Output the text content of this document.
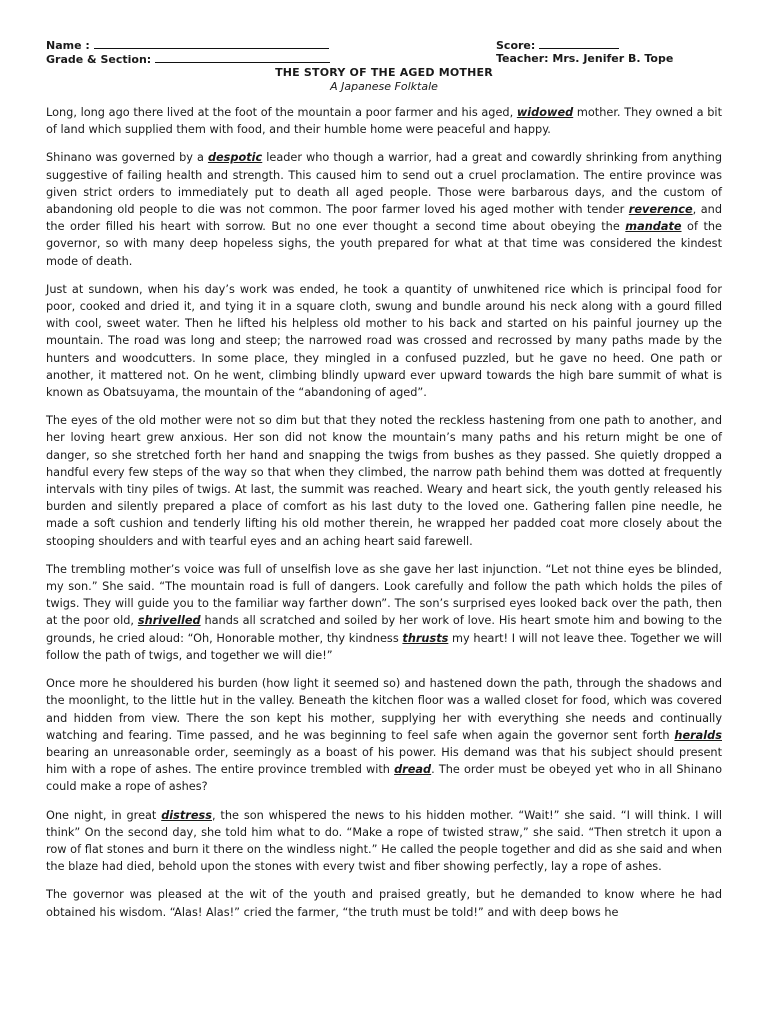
Name :	Score:
Grade & Section:	Teacher: Mrs. Jenifer B. Tope
THE STORY OF THE AGED MOTHER
A Japanese Folktale

Long, long ago there lived at the foot of the mountain a poor farmer and his aged, widowed mother. They owned a bit of land which supplied them with food, and their humble home were peaceful and happy.

Shinano was governed by a despotic leader who though a warrior, had a great and cowardly shrinking from anything suggestive of failing health and strength. This caused him to send out a cruel proclamation. The entire province was given strict orders to immediately put to death all aged people. Those were barbarous days, and the custom of abandoning old people to die was not common. The poor farmer loved his aged mother with tender reverence, and the order filled his heart with sorrow. But no one ever thought a second time about obeying the mandate of the governor, so with many deep hopeless sighs, the youth prepared for what at that time was considered the kindest mode of death.

Just at sundown, when his day’s work was ended, he took a quantity of unwhitened rice which is principal food for poor, cooked and dried it, and tying it in a square cloth, swung and bundle around his neck along with a gourd filled with cool, sweet water. Then he lifted his helpless old mother to his back and started on his painful journey up the mountain. The road was long and steep; the narrowed road was crossed and recrossed by many paths made by the hunters and woodcutters. In some place, they mingled in a confused puzzled, but he gave no heed. One path or another, it mattered not. On he went, climbing blindly upward ever upward towards the high bare summit of what is known as Obatsuyama, the mountain of the “abandoning of aged”.

The eyes of the old mother were not so dim but that they noted the reckless hastening from one path to another, and her loving heart grew anxious. Her son did not know the mountain’s many paths and his return might be one of danger, so she stretched forth her hand and snapping the twigs from bushes as they passed. She quietly dropped a handful every few steps of the way so that when they climbed, the narrow path behind them was dotted at frequently intervals with tiny piles of twigs. At last, the summit was reached. Weary and heart sick, the youth gently released his burden and silently prepared a place of comfort as his last duty to the loved one. Gathering fallen pine needle, he made a soft cushion and tenderly lifting his old mother therein, he wrapped her padded coat more closely about the stooping shoulders and with tearful eyes and an aching heart said farewell.

The trembling mother’s voice was full of unselfish love as she gave her last injunction. “Let not thine eyes be blinded, my son.” She said. “The mountain road is full of dangers. Look carefully and follow the path which holds the piles of twigs. They will guide you to the familiar way farther down”. The son’s surprised eyes looked back over the path, then at the poor old, shrivelled hands all scratched and soiled by her work of love. His heart smote him and bowing to the grounds, he cried aloud: “Oh, Honorable mother, thy kindness thrusts my heart! I will not leave thee. Together we will follow the path of twigs, and together we will die!”

Once more he shouldered his burden (how light it seemed so) and hastened down the path, through the shadows and the moonlight, to the little hut in the valley. Beneath the kitchen floor was a walled closet for food, which was covered and hidden from view. There the son kept his mother, supplying her with everything she needs and continually watching and fearing. Time passed, and he was beginning to feel safe when again the governor sent forth heralds bearing an unreasonable order, seemingly as a boast of his power. His demand was that his subject should present him with a rope of ashes. The entire province trembled with dread. The order must be obeyed yet who in all Shinano could make a rope of ashes?

One night, in great distress, the son whispered the news to his hidden mother. “Wait!” she said. “I will think. I will think” On the second day, she told him what to do. “Make a rope of twisted straw,” she said. “Then stretch it upon a row of flat stones and burn it there on the windless night.” He called the people together and did as she said and when the blaze had died, behold upon the stones with every twist and fiber showing perfectly, lay a rope of ashes.

The governor was pleased at the wit of the youth and praised greatly, but he demanded to know where he had obtained his wisdom. “Alas! Alas!” cried the farmer, “the truth must be told!” and with deep bows he
